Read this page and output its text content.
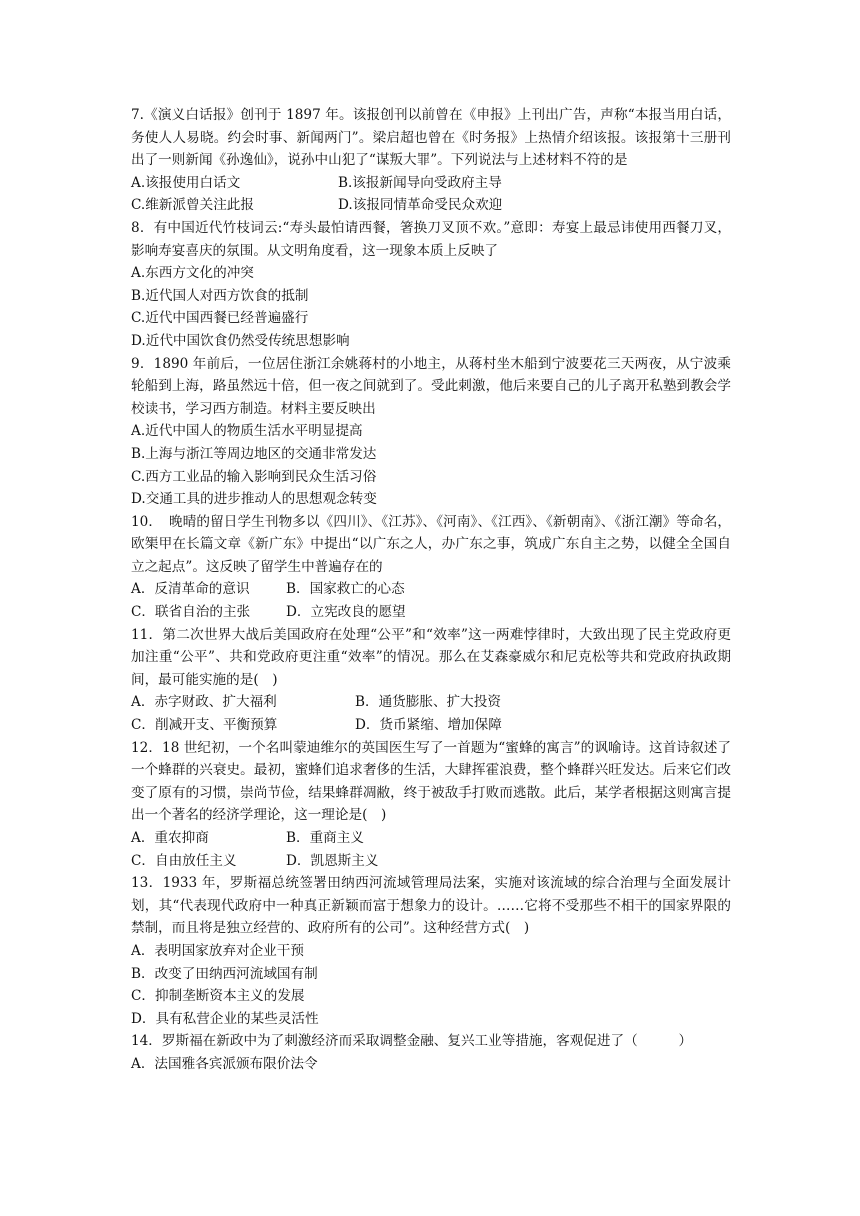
7.《演义白话报》创刊于 1897 年。该报创刊以前曾在《申报》上刊出广告，声称“本报当用白话，务使人人易晓。约会时事、新闻两门”。梁启超也曾在《时务报》上热情介绍该报。该报第十三册刊出了一则新闻《孙逸仙》，说孙中山犯了“谋叛大罪”。下列说法与上述材料不符的是

A.该报使用白话文	B.该报新闻导向受政府主导
C.维新派曾关注此报	D.该报同情革命受民众欢迎

8．有中国近代竹枝词云:“寿头最怕请西餐，箸换刀叉顶不欢。”意即：寿宴上最忌讳使用西餐刀叉，影响寿宴喜庆的氛围。从文明角度看，这一现象本质上反映了

A.东西方文化的冲突
B.近代国人对西方饮食的抵制
C.近代中国西餐已经普遍盛行
D.近代中国饮食仍然受传统思想影响

9．1890 年前后，一位居住浙江余姚蒋村的小地主，从蒋村坐木船到宁波要花三天两夜，从宁波乘轮船到上海，路虽然远十倍，但一夜之间就到了。受此刺激，他后来要自己的儿子离开私塾到教会学校读书，学习西方制造。材料主要反映出

A.近代中国人的物质生活水平明显提高
B.上海与浙江等周边地区的交通非常发达
C.西方工业品的输入影响到民众生活习俗
D.交通工具的进步推动人的思想观念转变

10．　晚晴的留日学生刊物多以《四川》、《江苏》、《河南》、《江西》、《新朝南》、《浙江潮》等命名，欧榘甲在长篇文章《新广东》中提出“以广东之人，办广东之事，筑成广东自主之势，以健全全国自立之起点”。这反映了留学生中普遍存在的

A．反清革命的意识	B．国家救亡的心态
C．联省自治的主张	D．立宪改良的愿望

11．第二次世界大战后美国政府在处理“公平”和“效率”这一两难悖律时，大致出现了民主党政府更加注重“公平”、共和党政府更注重“效率”的情况。那么在艾森豪威尔和尼克松等共和党政府执政期间，最可能实施的是(　)

A．赤字财政、扩大福利	B．通货膨胀、扩大投资
C．削减开支、平衡预算	D．货币紧缩、增加保障

12．18 世纪初，一个名叫蒙迪维尔的英国医生写了一首题为“蜜蜂的寓言”的讽喻诗。这首诗叙述了一个蜂群的兴衰史。最初，蜜蜂们追求奢侈的生活，大肆挥霍浪费，整个蜂群兴旺发达。后来它们改变了原有的习惯，崇尚节俭，结果蜂群凋敝，终于被敌手打败而逃散。此后，某学者根据这则寓言提出一个著名的经济学理论，这一理论是(　)

A．重农抑商	B．重商主义
C．自由放任主义	D．凯恩斯主义

13．1933 年，罗斯福总统签署田纳西河流域管理局法案，实施对该流域的综合治理与全面发展计划，其“代表现代政府中一种真正新颖而富于想象力的设计。……它将不受那些不相干的国家界限的禁制，而且将是独立经营的、政府所有的公司”。这种经营方式(　)

A．表明国家放弃对企业干预
B．改变了田纳西河流域国有制
C．抑制垄断资本主义的发展
D．具有私营企业的某些灵活性

14．罗斯福在新政中为了刺激经济而采取调整金融、复兴工业等措施，客观促进了（　　　）

A．法国雅各宾派颁布限价法令
